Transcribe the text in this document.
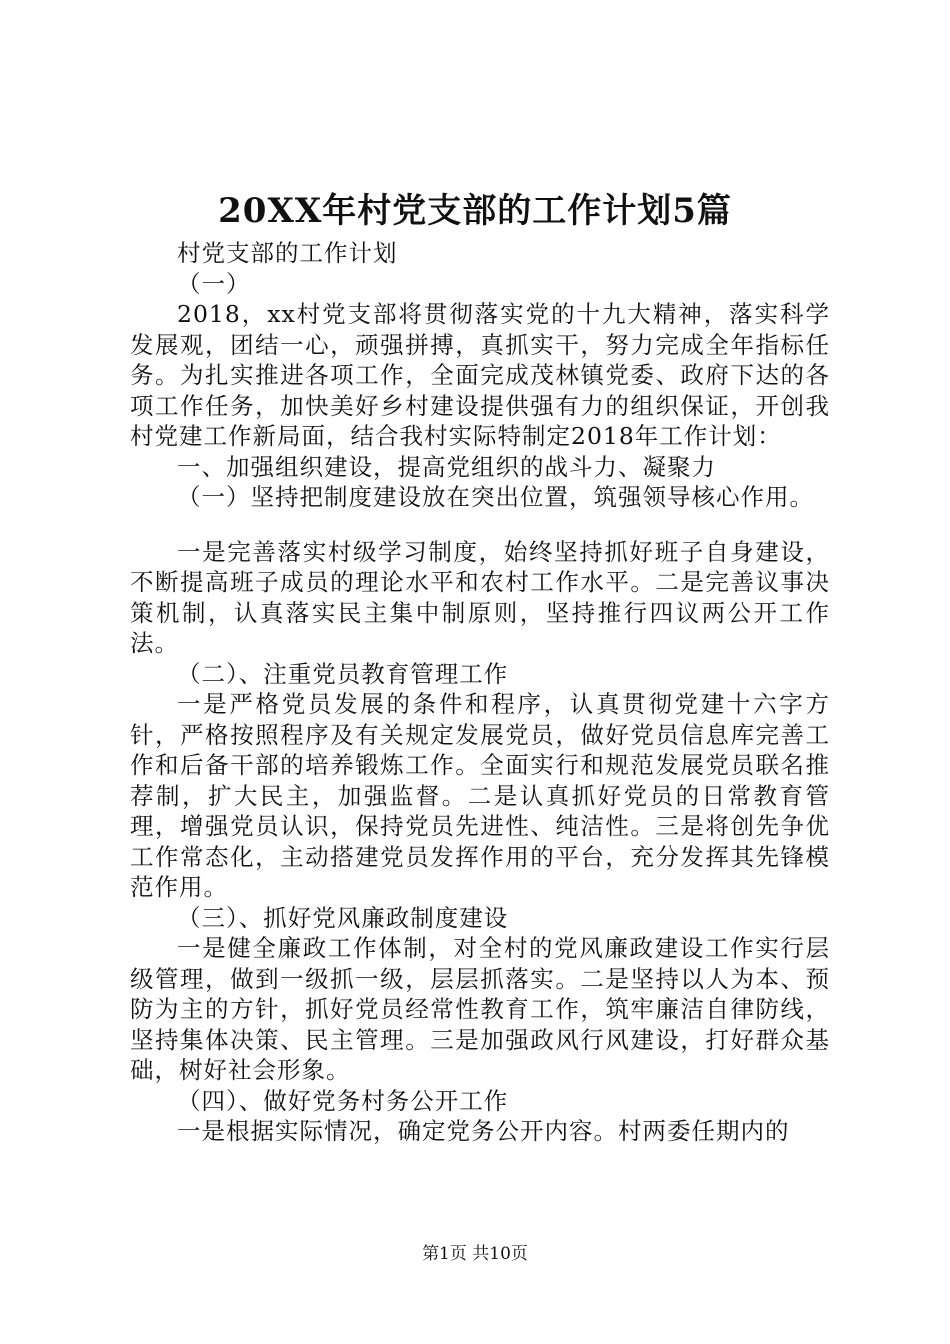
20XX年村党支部的工作计划5篇

村党支部的工作计划

（一）

2018，xx村党支部将贯彻落实党的十九大精神，落实科学发展观，团结一心，顽强拼搏，真抓实干，努力完成全年指标任务。为扎实推进各项工作，全面完成茂林镇党委、政府下达的各项工作任务，加快美好乡村建设提供强有力的组织保证，开创我村党建工作新局面，结合我村实际特制定2018年工作计划：

一、加强组织建设，提高党组织的战斗力、凝聚力

（一）坚持把制度建设放在突出位置，筑强领导核心作用。

一是完善落实村级学习制度，始终坚持抓好班子自身建设，不断提高班子成员的理论水平和农村工作水平。二是完善议事决策机制，认真落实民主集中制原则，坚持推行四议两公开工作法。

（二）、注重党员教育管理工作

一是严格党员发展的条件和程序，认真贯彻党建十六字方针，严格按照程序及有关规定发展党员，做好党员信息库完善工作和后备干部的培养锻炼工作。全面实行和规范发展党员联名推荐制，扩大民主，加强监督。二是认真抓好党员的日常教育管理，增强党员认识，保持党员先进性、纯洁性。三是将创先争优工作常态化，主动搭建党员发挥作用的平台，充分发挥其先锋模范作用。

（三）、抓好党风廉政制度建设

一是健全廉政工作体制，对全村的党风廉政建设工作实行层级管理，做到一级抓一级，层层抓落实。二是坚持以人为本、预防为主的方针，抓好党员经常性教育工作，筑牢廉洁自律防线，坚持集体决策、民主管理。三是加强政风行风建设，打好群众基础，树好社会形象。

（四）、做好党务村务公开工作

一是根据实际情况，确定党务公开内容。村两委任期内的

第1页 共10页
